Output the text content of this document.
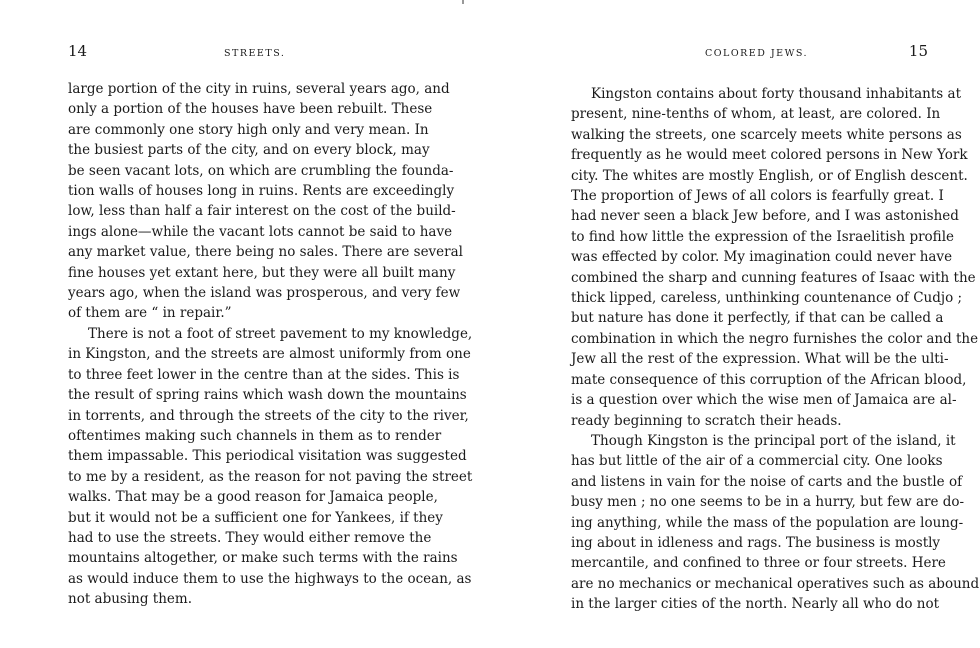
14	STREETS.
large portion of the city in ruins, several years ago, and
only a portion of the houses have been rebuilt. These
are commonly one story high only and very mean. In
the busiest parts of the city, and on every block, may
be seen vacant lots, on which are crumbling the founda-
tion walls of houses long in ruins. Rents are exceedingly
low, less than half a fair interest on the cost of the build-
ings alone—while the vacant lots cannot be said to have
any market value, there being no sales. There are several
fine houses yet extant here, but they were all built many
years ago, when the island was prosperous, and very few
of them are “ in repair.”
There is not a foot of street pavement to my knowledge,
in Kingston, and the streets are almost uniformly from one
to three feet lower in the centre than at the sides. This is
the result of spring rains which wash down the mountains
in torrents, and through the streets of the city to the river,
oftentimes making such channels in them as to render
them impassable. This periodical visitation was suggested
to me by a resident, as the reason for not paving the street
walks. That may be a good reason for Jamaica people,
but it would not be a sufficient one for Yankees, if they
had to use the streets. They would either remove the
mountains altogether, or make such terms with the rains
as would induce them to use the highways to the ocean, as
not abusing them.
COLORED JEWS.	15
Kingston contains about forty thousand inhabitants at
present, nine-tenths of whom, at least, are colored. In
walking the streets, one scarcely meets white persons as
frequently as he would meet colored persons in New York
city. The whites are mostly English, or of English descent.
The proportion of Jews of all colors is fearfully great. I
had never seen a black Jew before, and I was astonished
to find how little the expression of the Israelitish profile
was effected by color. My imagination could never have
combined the sharp and cunning features of Isaac with the
thick lipped, careless, unthinking countenance of Cudjo ;
but nature has done it perfectly, if that can be called a
combination in which the negro furnishes the color and the
Jew all the rest of the expression. What will be the ulti-
mate consequence of this corruption of the African blood,
is a question over which the wise men of Jamaica are al-
ready beginning to scratch their heads.
Though Kingston is the principal port of the island, it
has but little of the air of a commercial city. One looks
and listens in vain for the noise of carts and the bustle of
busy men ; no one seems to be in a hurry, but few are do-
ing anything, while the mass of the population are loung-
ing about in idleness and rags. The business is mostly
mercantile, and confined to three or four streets. Here
are no mechanics or mechanical operatives such as abound
in the larger cities of the north. Nearly all who do not
